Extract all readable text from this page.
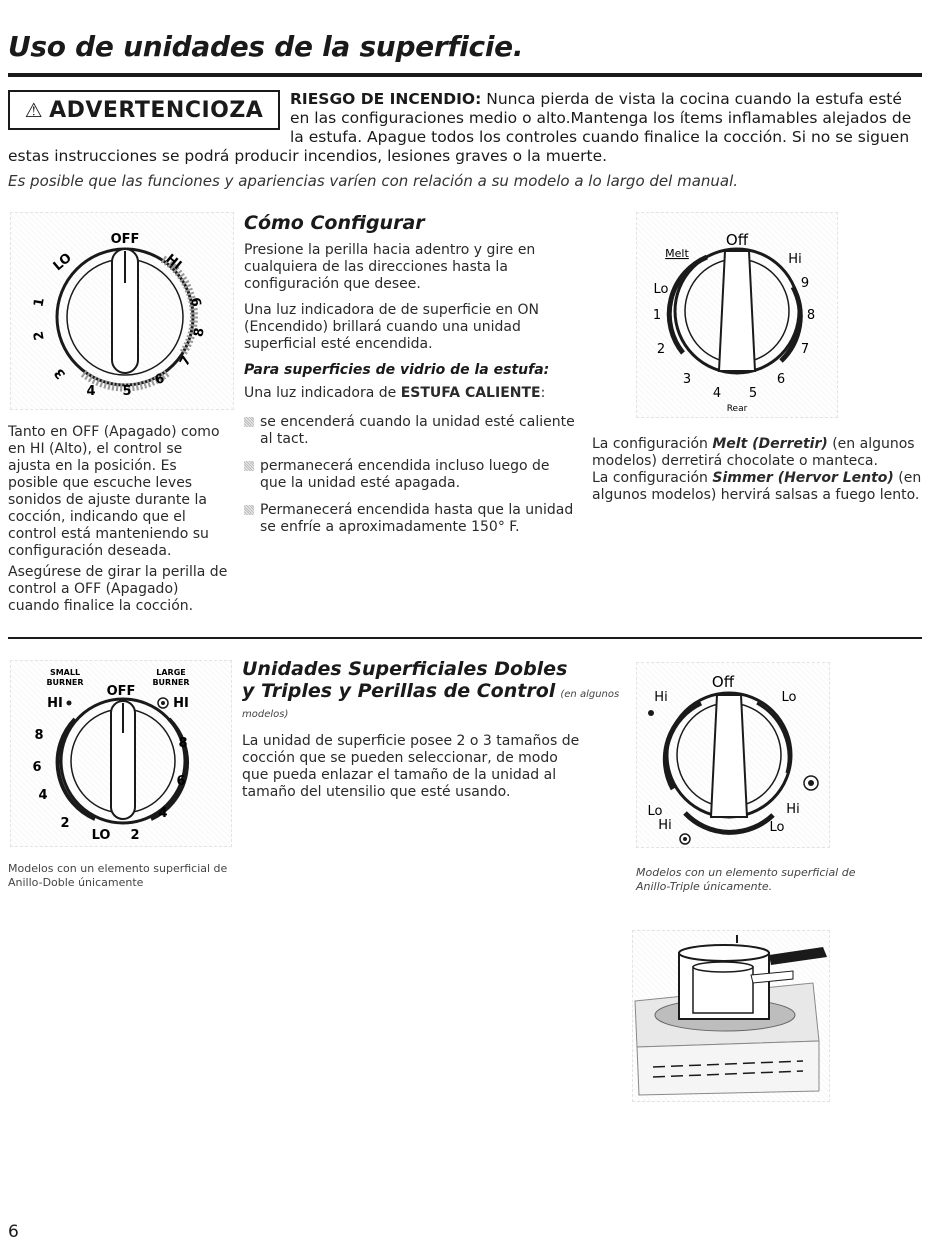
Uso de unidades de la superficie.
RIESGO DE INCENDIO: Nunca pierda de vista la cocina cuando la estufa esté en las configuraciones medio o alto.Mantenga los ítems inflamables alejados de la estufa. Apague todos los controles cuando finalice la cocción. Si no se siguen estas instrucciones se podrá producir incendios, lesiones graves o la muerte.
⚠ ADVERTENCIOZA
Es posible que las funciones y apariencias varíen con relación a su modelo a lo largo del manual.
OFF
LO	HI
1
2
3
4 5
6
7
8
9
Tanto en OFF (Apagado) como en HI (Alto), el control se ajusta en la posición. Es posible que escuche leves sonidos de ajuste durante la cocción, indicando que el control está manteniendo su configuración deseada.
Asegúrese de girar la perilla de control a OFF (Apagado) cuando finalice la cocción.
Cómo Configurar
Presione la perilla hacia adentro y gire en cualquiera de las direcciones hasta la configuración que desee.
Una luz indicadora de de superficie en ON (Encendido) brillará cuando una unidad superficial esté encendida.
Para superficies de vidrio de la estufa:
Una luz indicadora de ESTUFA CALIENTE:
se encenderá cuando la unidad esté caliente al tact.
permanecerá encendida incluso luego de que la unidad esté apagada.
Permanecerá encendida hasta que la unidad se enfríe a aproximadamente 150° F.
Off
Melt	Hi
Lo
1
2
3
4 5
6
7
8
9
Rear
La configuración Melt (Derretir) (en algunos modelos) derretirá chocolate o manteca.
La configuración Simmer (Hervor Lento) (en algunos modelos) hervirá salsas a fuego lento.
SMALL
BURNER
OFF
LARGE
BURNER
HI	HI
8
8
6
6
4
4
2
LO 2
Modelos con un elemento superficial de Anillo-Doble únicamente
Unidades Superficiales Dobles
y Triples y Perillas de Control (en algunos modelos)
La unidad de superficie posee 2 o 3 tamaños de cocción que se pueden seleccionar, de modo que pueda enlazar el tamaño de la unidad al tamaño del utensilio que esté usando.
Off
Hi	Lo
Lo
Hi
Hi
Lo
Modelos con un elemento superficial de Anillo-Triple únicamente.
6
